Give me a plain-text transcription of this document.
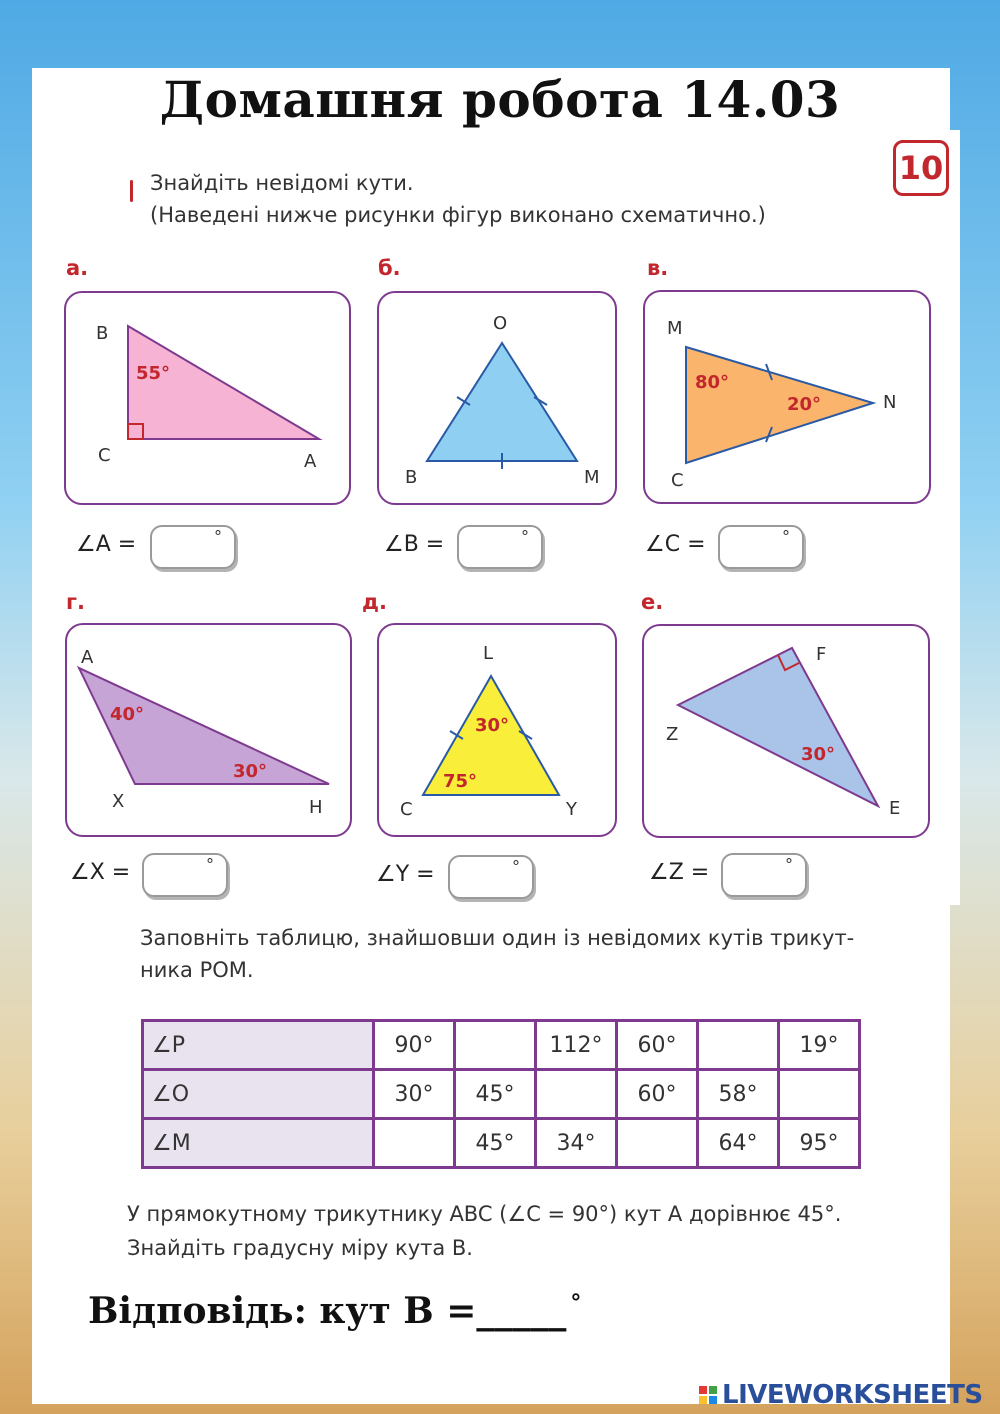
Домашня робота 14.03
Знайдіть невідомі кути.
(Наведені нижче рисунки фігур виконано схематично.)
10
а.	б.	в.
B
C	A
55°
O
B	M
M
N
C
80°
20°
∠A =	°	∠B =	°	∠C =	°
г.	д.	е.
A
X	H
40°
30°
L
C	Y
30°
75°
F
Z
E
30°
∠X =	°	∠Y =	°	∠Z =	°
Заповніть таблицю, знайшовши один із невідомих кутів трикут-
ника POM.
∠P	90°		112°	60°		19°
∠O	30°	45°		60°	58°	
∠M		45°	34°		64°	95°
У прямокутному трикутнику ABC (∠C = 90°) кут A дорівнює 45°.
Знайдіть градусну міру кута B.
Відповідь: кут B =_____ °
LIVEWORKSHEETS
